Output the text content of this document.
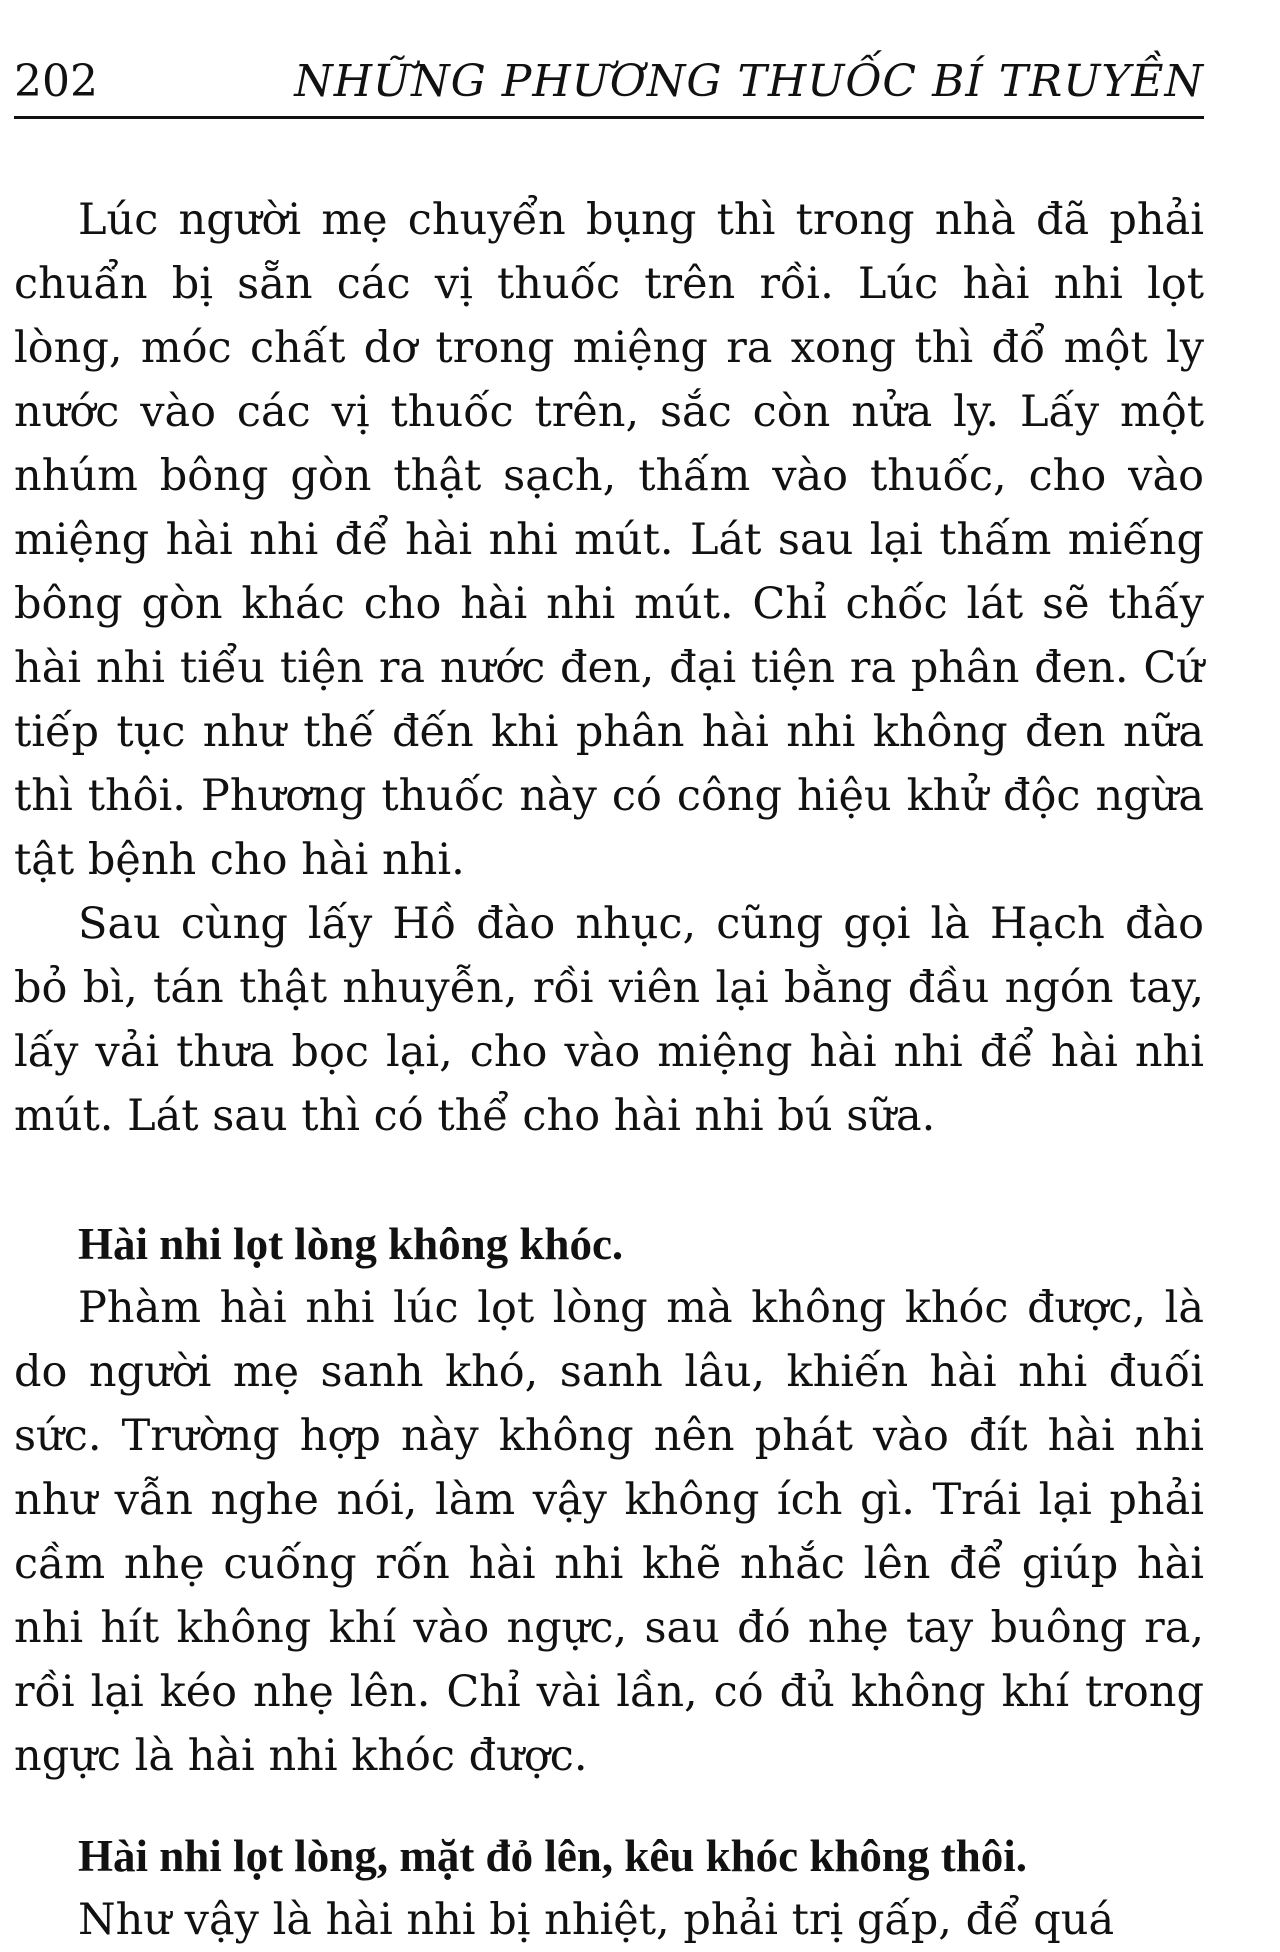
202	NHỮNG PHƯƠNG THUỐC BÍ TRUYỀN

Lúc người mẹ chuyển bụng thì trong nhà đã phải chuẩn bị sẵn các vị thuốc trên rồi. Lúc hài nhi lọt lòng, móc chất dơ trong miệng ra xong thì đổ một ly nước vào các vị thuốc trên, sắc còn nửa ly. Lấy một nhúm bông gòn thật sạch, thấm vào thuốc, cho vào miệng hài nhi để hài nhi mút. Lát sau lại thấm miếng bông gòn khác cho hài nhi mút. Chỉ chốc lát sẽ thấy hài nhi tiểu tiện ra nước đen, đại tiện ra phân đen. Cứ tiếp tục như thế đến khi phân hài nhi không đen nữa thì thôi. Phương thuốc này có công hiệu khử độc ngừa tật bệnh cho hài nhi.

Sau cùng lấy Hồ đào nhục, cũng gọi là Hạch đào bỏ bì, tán thật nhuyễn, rồi viên lại bằng đầu ngón tay, lấy vải thưa bọc lại, cho vào miệng hài nhi để hài nhi mút. Lát sau thì có thể cho hài nhi bú sữa.

Hài nhi lọt lòng không khóc.

Phàm hài nhi lúc lọt lòng mà không khóc được, là do người mẹ sanh khó, sanh lâu, khiến hài nhi đuối sức. Trường hợp này không nên phát vào đít hài nhi như vẫn nghe nói, làm vậy không ích gì. Trái lại phải cầm nhẹ cuống rốn hài nhi khẽ nhắc lên để giúp hài nhi hít không khí vào ngực, sau đó nhẹ tay buông ra, rồi lại kéo nhẹ lên. Chỉ vài lần, có đủ không khí trong ngực là hài nhi khóc được.

Hài nhi lọt lòng, mặt đỏ lên, kêu khóc không thôi.

Như vậy là hài nhi bị nhiệt, phải trị gấp, để quá
